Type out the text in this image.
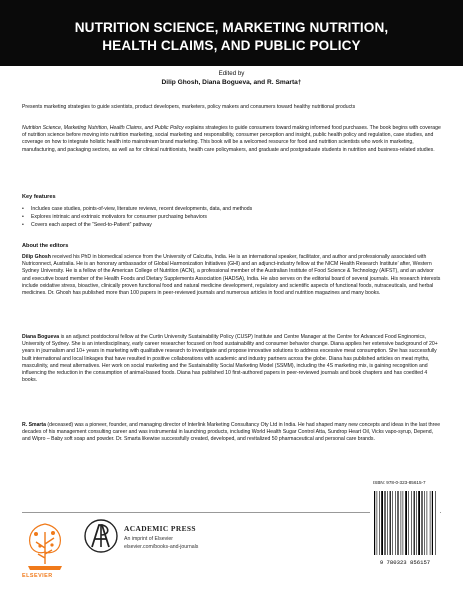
NUTRITION SCIENCE, MARKETING NUTRITION,
HEALTH CLAIMS, AND PUBLIC POLICY
Edited by
Dilip Ghosh, Diana Bogueva, and R. Smarta†

Presents marketing strategies to guide scientists, product developers, marketers, policy makers and consumers toward healthy nutritional products

Nutrition Science, Marketing Nutrition, Health Claims, and Public Policy explains strategies to guide consumers toward making informed food purchases. The book begins with coverage of nutrition science before moving into nutrition marketing, social marketing and responsibility, consumer perception and insight, public health policy and regulation, case studies, and coverage on how to integrate holistic health into mainstream brand marketing. This book will be a welcomed resource for food and nutrition scientists who work in marketing, manufacturing, and packaging sectors, as well as for clinical nutritionists, health care policymakers, and graduate and postgraduate students in nutrition and business-related studies.

Key features
• Includes case studies, points-of-view, literature reviews, recent developments, data, and methods
• Explores intrinsic and extrinsic motivators for consumer purchasing behaviors
• Covers each aspect of the “Seed-to-Patient” pathway
About the editors

Dilip Ghosh received his PhD in biomedical science from the University of Calcutta, India. He is an international speaker, facilitator, and author and professionally associated with Nutriconnect, Australia. He is an honorary ambassador of Global Harmonization Initiatives (GHI) and an adjunct-industry fellow at the NICM Health Research Institute’ after, Western Sydney University. He is a fellow of the American College of Nutrition (ACN), a professional member of the Australian Institute of Food Science & Technology (AIFST), and an advisor and executive board member of the Health Foods and Dietary Supplements Association (HADSA), India. He also serves on the editorial board of several journals. His research interests include oxidative stress, bioactive, clinically proven functional food and natural medicine development, regulatory and scientific aspects of functional foods, nutraceuticals, and herbal medicines. Dr. Ghosh has published more than 100 papers in peer-reviewed journals and numerous articles in food and nutrition magazines and many books.

Diana Bogueva is an adjunct postdoctoral fellow at the Curtin University Sustainability Policy (CUSP) Institute and Centre Manager at the Centre for Advanced Food Enginomics, University of Sydney. She is an interdisciplinary, early career researcher focused on food sustainability and consumer behavior change. Diana applies her extensive background of 20+ years in journalism and 10+ years in marketing with qualitative research to investigate and propose innovative solutions to address excessive meat consumption. She has successfully built international and local linkages that have resulted in positive collaborations with academic and industry partners across the globe. Diana has published articles on meat myths, masculinity, and meat alternatives. Her work on social marketing and the Sustainability Social Marketing Model (SSMM), including the 4S marketing mix, is gaining recognition and influencing the reduction in the consumption of animal-based foods. Diana has published 10 first-authored papers in peer-reviewed journals and book chapters and has coedited 4 books.

R. Smarta (deceased) was a pioneer, founder, and managing director of Interlink Marketing Consultancy Oty Ltd in India. He had shaped many new concepts and ideas in the last three decades of his management consulting career and was instrumental in launching products, including World Health Sugar Control Atta, Sundrop Heart Oil, Vicks vapo-syrup, Depend, and Wipro – Baby soft soap and powder. Dr. Smarta likewise successfully created, developed, and revitalized 50 pharmaceutical and personal care brands.

ELSEVIER
ACADEMIC PRESS
An imprint of Elsevier
elsevier.com/books-and-journals
ISBN: 978-0-323-85615-7
9 780323 856157
